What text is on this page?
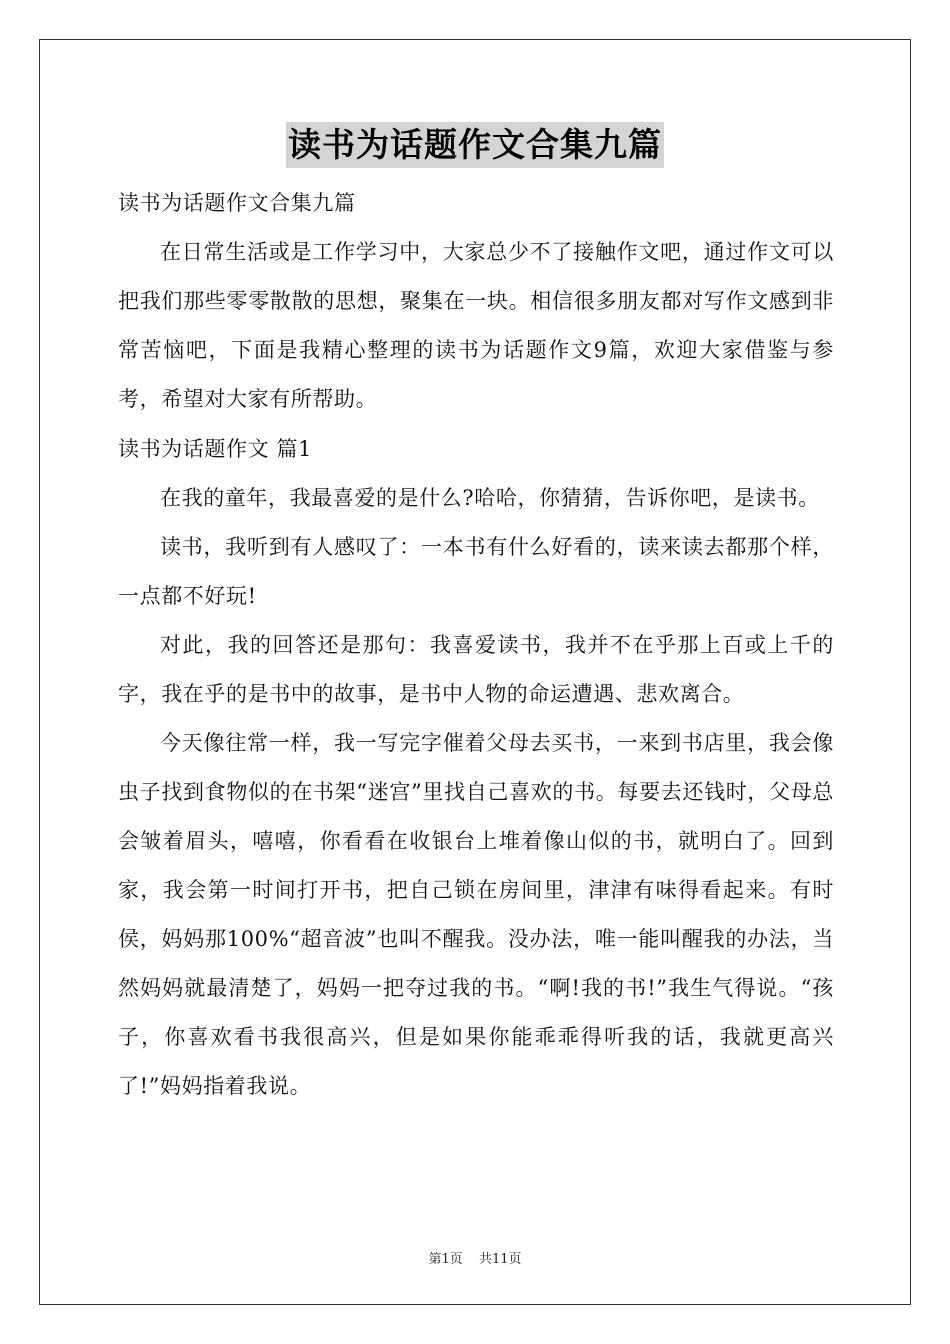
读书为话题作文合集九篇

读书为话题作文合集九篇

在日常生活或是工作学习中，大家总少不了接触作文吧，通过作文可以把我们那些零零散散的思想，聚集在一块。相信很多朋友都对写作文感到非常苦恼吧，下面是我精心整理的读书为话题作文9篇，欢迎大家借鉴与参考，希望对大家有所帮助。

读书为话题作文 篇1

在我的童年，我最喜爱的是什么?哈哈，你猜猜，告诉你吧，是读书。

读书，我听到有人感叹了：一本书有什么好看的，读来读去都那个样，一点都不好玩!

对此，我的回答还是那句：我喜爱读书，我并不在乎那上百或上千的字，我在乎的是书中的故事，是书中人物的命运遭遇、悲欢离合。

今天像往常一样，我一写完字催着父母去买书，一来到书店里，我会像虫子找到食物似的在书架“迷宫”里找自己喜欢的书。每要去还钱时，父母总会皱着眉头，嘻嘻，你看看在收银台上堆着像山似的书，就明白了。回到家，我会第一时间打开书，把自己锁在房间里，津津有味得看起来。有时侯，妈妈那100%“超音波”也叫不醒我。没办法，唯一能叫醒我的办法，当然妈妈就最清楚了，妈妈一把夺过我的书。“啊!我的书!”我生气得说。“孩子，你喜欢看书我很高兴，但是如果你能乖乖得听我的话，我就更高兴了!”妈妈指着我说。

第1页 共11页
